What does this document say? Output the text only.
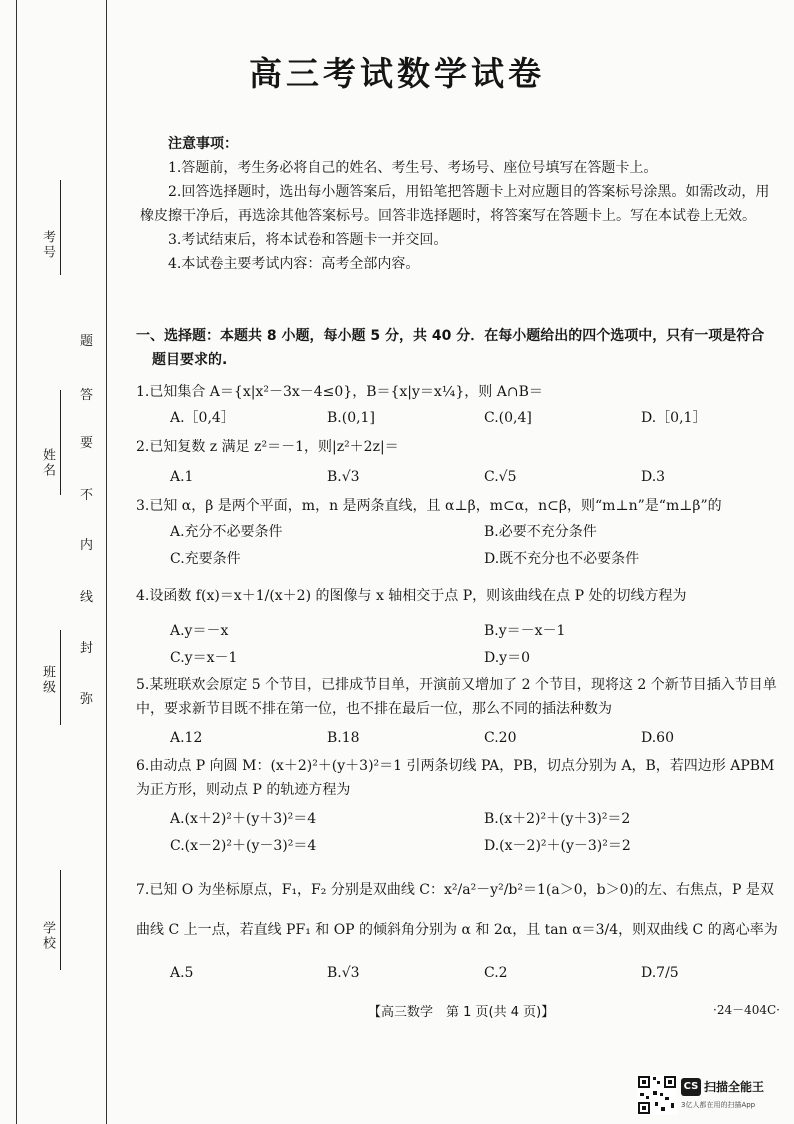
考号
姓名
班级
学校
题
答
要
不
内
线
封
弥
高三考试数学试卷
注意事项：
1.答题前，考生务必将自己的姓名、考生号、考场号、座位号填写在答题卡上。
2.回答选择题时，选出每小题答案后，用铅笔把答题卡上对应题目的答案标号涂黑。如需改动，用橡皮擦干净后，再选涂其他答案标号。回答非选择题时，将答案写在答题卡上。写在本试卷上无效。
3.考试结束后，将本试卷和答题卡一并交回。
4.本试卷主要考试内容：高考全部内容。
一、选择题：本题共 8 小题，每小题 5 分，共 40 分．在每小题给出的四个选项中，只有一项是符合
题目要求的.
1.已知集合 A＝{x|x²－3x－4≤0}，B＝{x|y＝x¼}，则 A∩B＝
A.［0,4］	B.(0,1]	C.(0,4]	D.［0,1］
2.已知复数 z 满足 z²＝－1，则|z²＋2z|＝
A.1	B.√3	C.√5	D.3
3.已知 α，β 是两个平面，m，n 是两条直线，且 α⊥β，m⊂α，n⊂β，则“m⊥n”是“m⊥β”的
A.充分不必要条件	B.必要不充分条件
C.充要条件	D.既不充分也不必要条件
4.设函数 f(x)＝x＋1/(x＋2) 的图像与 x 轴相交于点 P，则该曲线在点 P 处的切线方程为
A.y＝－x	B.y＝－x－1
C.y＝x－1	D.y＝0
5.某班联欢会原定 5 个节目，已排成节目单，开演前又增加了 2 个节目，现将这 2 个新节目插入节目单中，要求新节目既不排在第一位，也不排在最后一位，那么不同的插法种数为
A.12	B.18	C.20	D.60
6.由动点 P 向圆 M：(x＋2)²＋(y＋3)²＝1 引两条切线 PA，PB，切点分别为 A，B，若四边形 APBM 为正方形，则动点 P 的轨迹方程为
A.(x＋2)²＋(y＋3)²＝4	B.(x＋2)²＋(y＋3)²＝2
C.(x－2)²＋(y－3)²＝4	D.(x－2)²＋(y－3)²＝2
7.已知 O 为坐标原点，F₁，F₂ 分别是双曲线 C：x²/a²－y²/b²＝1(a＞0，b＞0)的左、右焦点，P 是双曲线 C 上一点，若直线 PF₁ 和 OP 的倾斜角分别为 α 和 2α，且 tan α＝3/4，则双曲线 C 的离心率为
A.5	B.√3	C.2	D.7/5
【高三数学　第 1 页(共 4 页)】	·24－404C·
CS 扫描全能王
3亿人都在用的扫描App
